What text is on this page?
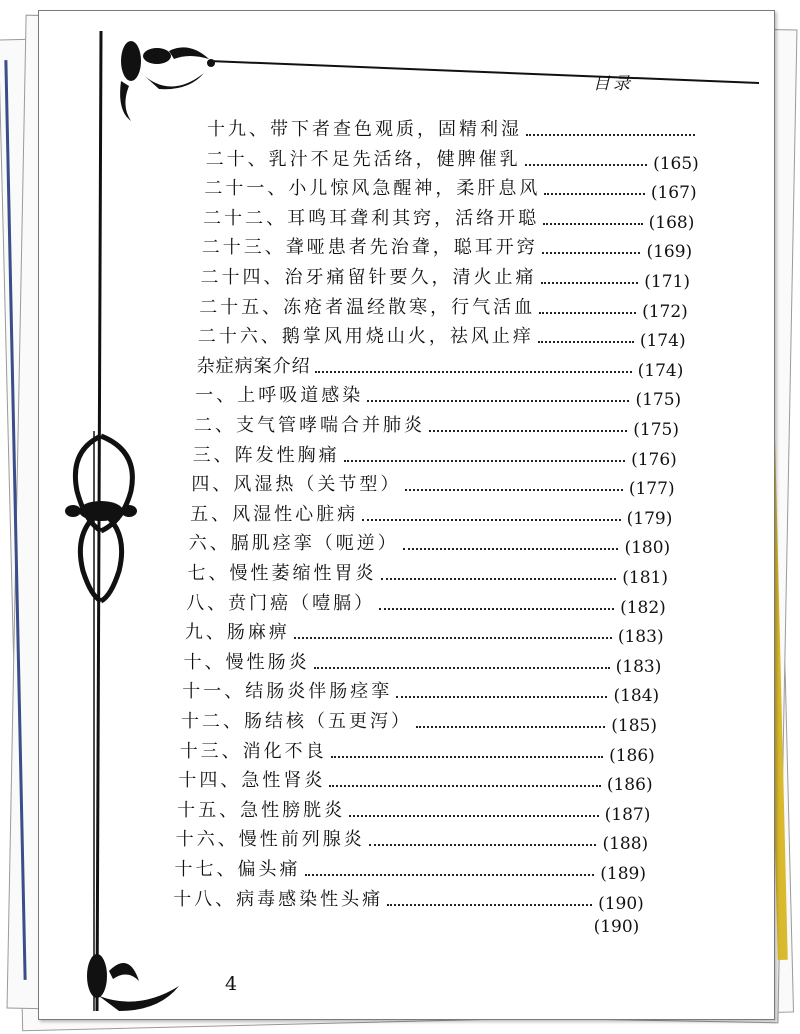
目录
十九、带下者查色观质，固精利湿
二十、乳汁不足先活络，健脾催乳	(165)
二十一、小儿惊风急醒神，柔肝息风	(167)
二十二、耳鸣耳聋利其窍，活络开聪	(168)
二十三、聋哑患者先治聋，聪耳开窍	(169)
二十四、治牙痛留针要久，清火止痛	(171)
二十五、冻疮者温经散寒，行气活血	(172)
二十六、鹅掌风用烧山火，祛风止痒	(174)
杂症病案介绍	(174)
一、上呼吸道感染	(175)
二、支气管哮喘合并肺炎	(175)
三、阵发性胸痛	(176)
四、风湿热（关节型）	(177)
五、风湿性心脏病	(179)
六、膈肌痉挛（呃逆）	(180)
七、慢性萎缩性胃炎	(181)
八、贲门癌（噎膈）	(182)
九、肠麻痹	(183)
十、慢性肠炎	(183)
十一、结肠炎伴肠痉挛	(184)
十二、肠结核（五更泻）	(185)
十三、消化不良	(186)
十四、急性肾炎	(186)
十五、急性膀胱炎	(187)
十六、慢性前列腺炎	(188)
十七、偏头痛	(189)
十八、病毒感染性头痛	(190)
(190)
4
